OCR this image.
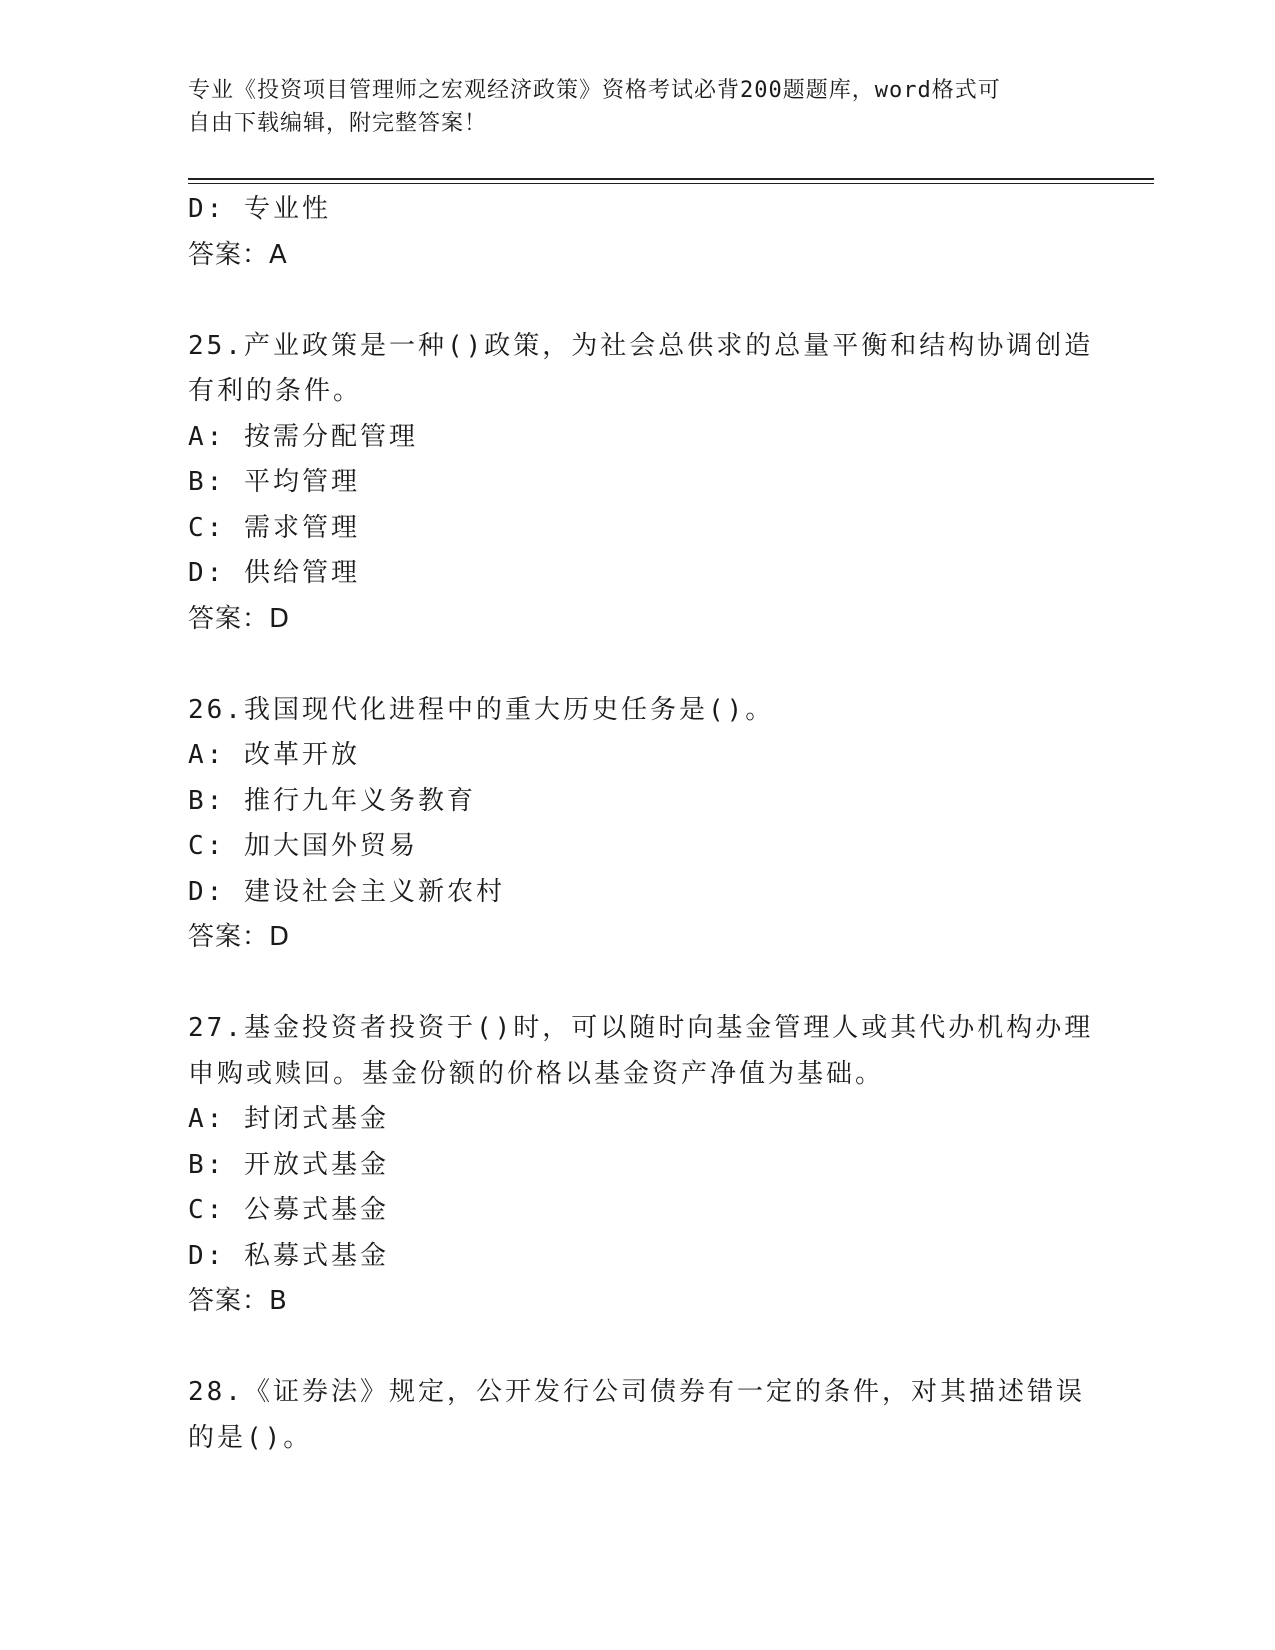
专业《投资项目管理师之宏观经济政策》资格考试必背200题题库，word格式可
自由下载编辑，附完整答案！
D: 专业性
答案：A
25.产业政策是一种()政策，为社会总供求的总量平衡和结构协调创造
有利的条件。
A: 按需分配管理
B: 平均管理
C: 需求管理
D: 供给管理
答案：D
26.我国现代化进程中的重大历史任务是()。
A: 改革开放
B: 推行九年义务教育
C: 加大国外贸易
D: 建设社会主义新农村
答案：D
27.基金投资者投资于()时，可以随时向基金管理人或其代办机构办理
申购或赎回。基金份额的价格以基金资产净值为基础。
A: 封闭式基金
B: 开放式基金
C: 公募式基金
D: 私募式基金
答案：B
28.《证券法》规定，公开发行公司债券有一定的条件，对其描述错误
的是()。
